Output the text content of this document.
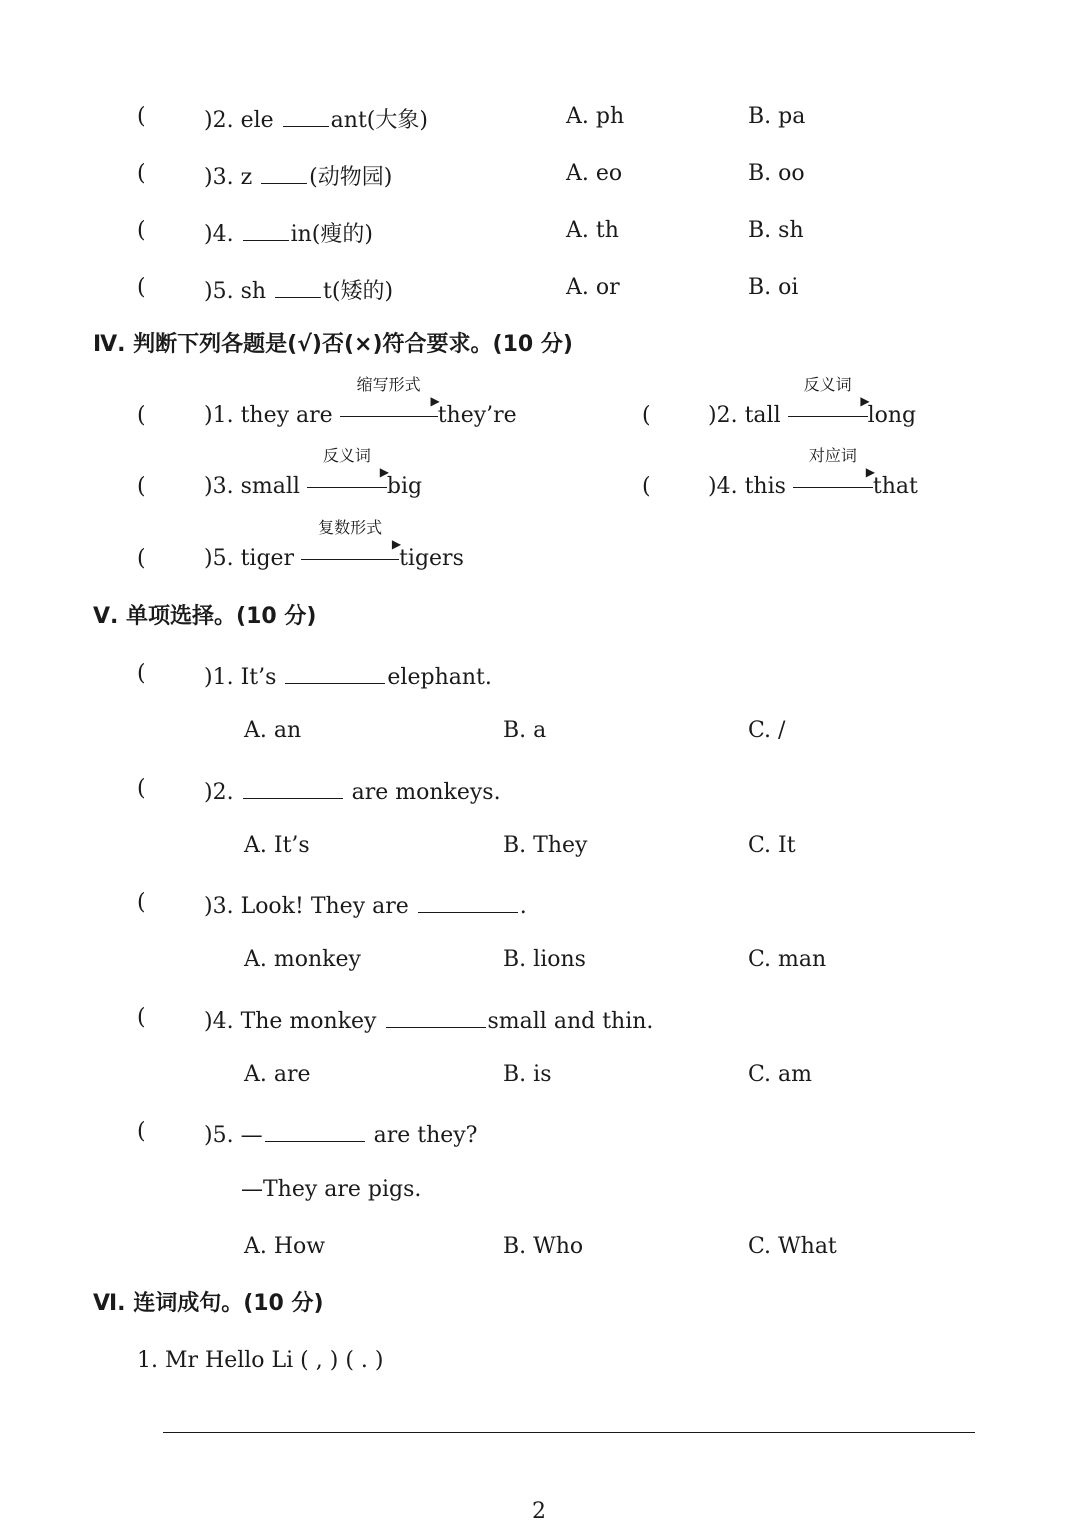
(	)2. ele	ant(大象)	A. ph	B. pa
(	)3. z	(动物园)	A. eo	B. oo
(	)4.	in(瘦的)	A. th	B. sh
(	)5. sh	t(矮的)	A. or	B. oi
Ⅳ. 判断下列各题是(√)否(×)符合要求。(10 分)
(	)1. they are
缩写形式
▶
they’re	(	)2. tall
反义词
▶
long
(	)3. small
反义词
▶
big	(	)4. this
对应词
▶
that
(	)5. tiger
复数形式
▶
tigers
Ⅴ. 单项选择。(10 分)
(	)1. It’s	elephant.
A. an	B. a	C. /
(	)2.	are monkeys.
A. It’s	B. They	C. It
(	)3. Look! They are	.
A. monkey	B. lions	C. man
(	)4. The monkey	small and thin.
A. are	B. is	C. am
(	)5. —	are they?
—They are pigs.
A. How	B. Who	C. What
Ⅵ. 连词成句。(10 分)
1. Mr Hello Li ( , ) ( . )
2
